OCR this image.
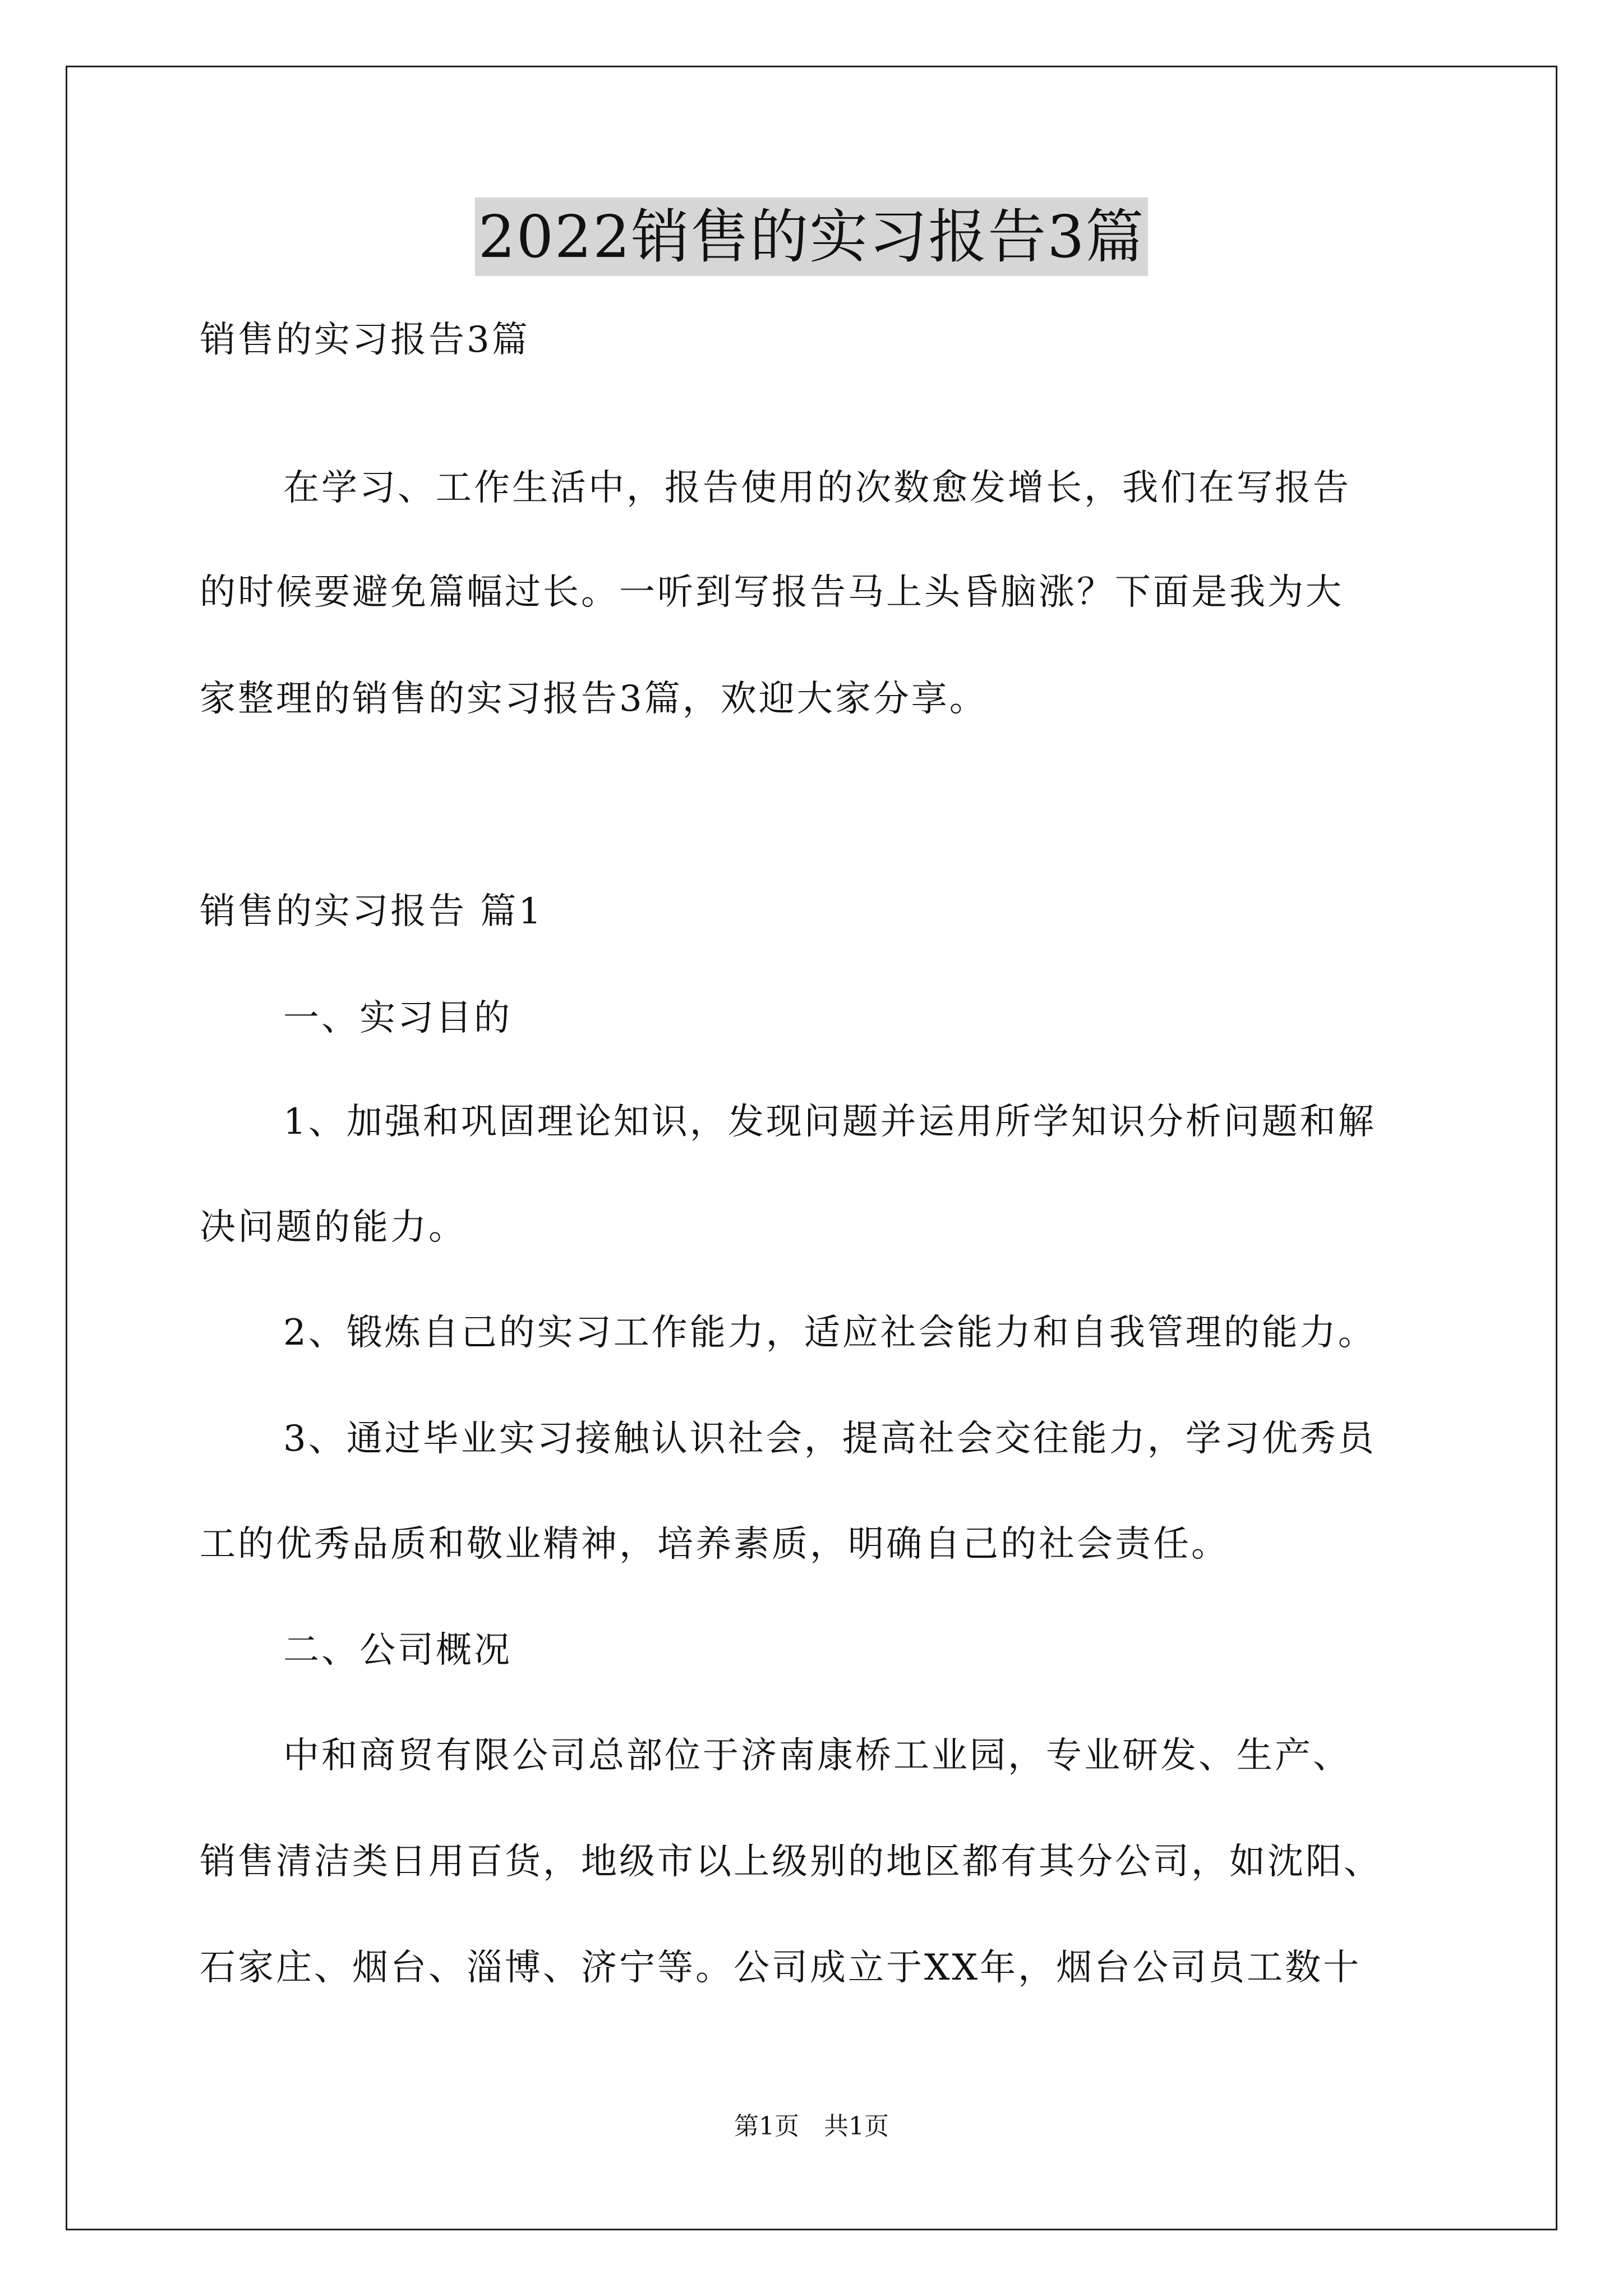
2022销售的实习报告3篇
销售的实习报告3篇
在学习、工作生活中，报告使用的次数愈发增长，我们在写报告
的时候要避免篇幅过长。一听到写报告马上头昏脑涨？下面是我为大
家整理的销售的实习报告3篇，欢迎大家分享。
销售的实习报告 篇1
一、实习目的
1、加强和巩固理论知识，发现问题并运用所学知识分析问题和解
决问题的能力。
2、锻炼自己的实习工作能力，适应社会能力和自我管理的能力。
3、通过毕业实习接触认识社会，提高社会交往能力，学习优秀员
工的优秀品质和敬业精神，培养素质，明确自己的社会责任。
二、公司概况
中和商贸有限公司总部位于济南康桥工业园，专业研发、生产、
销售清洁类日用百货，地级市以上级别的地区都有其分公司，如沈阳、
石家庄、烟台、淄博、济宁等。公司成立于XX年，烟台公司员工数十
第1页　共1页
